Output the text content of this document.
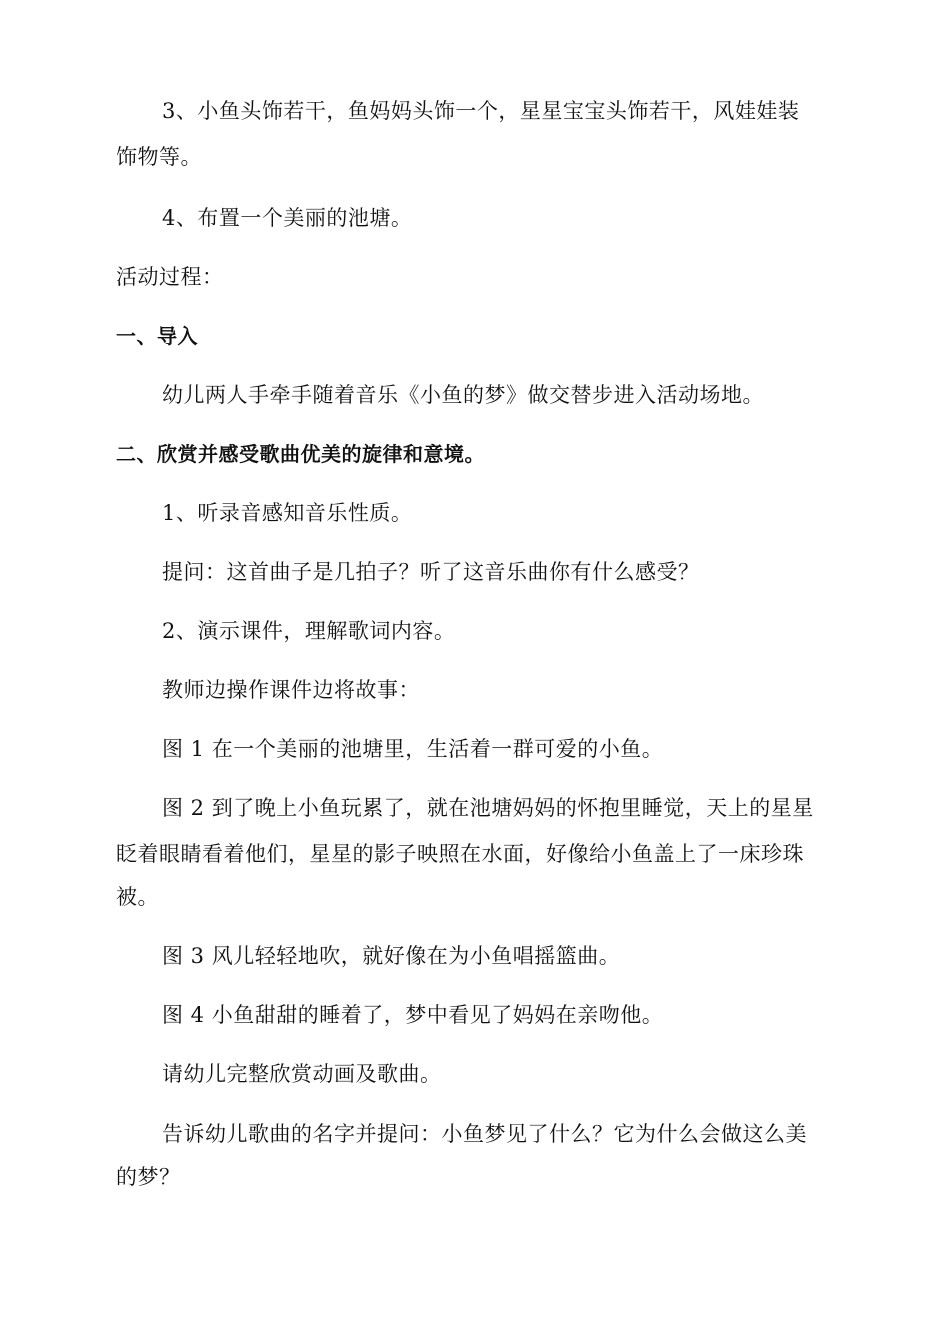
3、小鱼头饰若干，鱼妈妈头饰一个，星星宝宝头饰若干，风娃娃装
饰物等。
4、布置一个美丽的池塘。
活动过程：
一、导入
幼儿两人手牵手随着音乐《小鱼的梦》做交替步进入活动场地。
二、欣赏并感受歌曲优美的旋律和意境。
1、听录音感知音乐性质。
提问：这首曲子是几拍子？听了这音乐曲你有什么感受？
2、演示课件，理解歌词内容。
教师边操作课件边将故事：
图 1 在一个美丽的池塘里，生活着一群可爱的小鱼。
图 2 到了晚上小鱼玩累了，就在池塘妈妈的怀抱里睡觉，天上的星星
眨着眼睛看着他们，星星的影子映照在水面，好像给小鱼盖上了一床珍珠
被。
图 3 风儿轻轻地吹，就好像在为小鱼唱摇篮曲。
图 4 小鱼甜甜的睡着了，梦中看见了妈妈在亲吻他。
请幼儿完整欣赏动画及歌曲。
告诉幼儿歌曲的名字并提问：小鱼梦见了什么？它为什么会做这么美
的梦？
